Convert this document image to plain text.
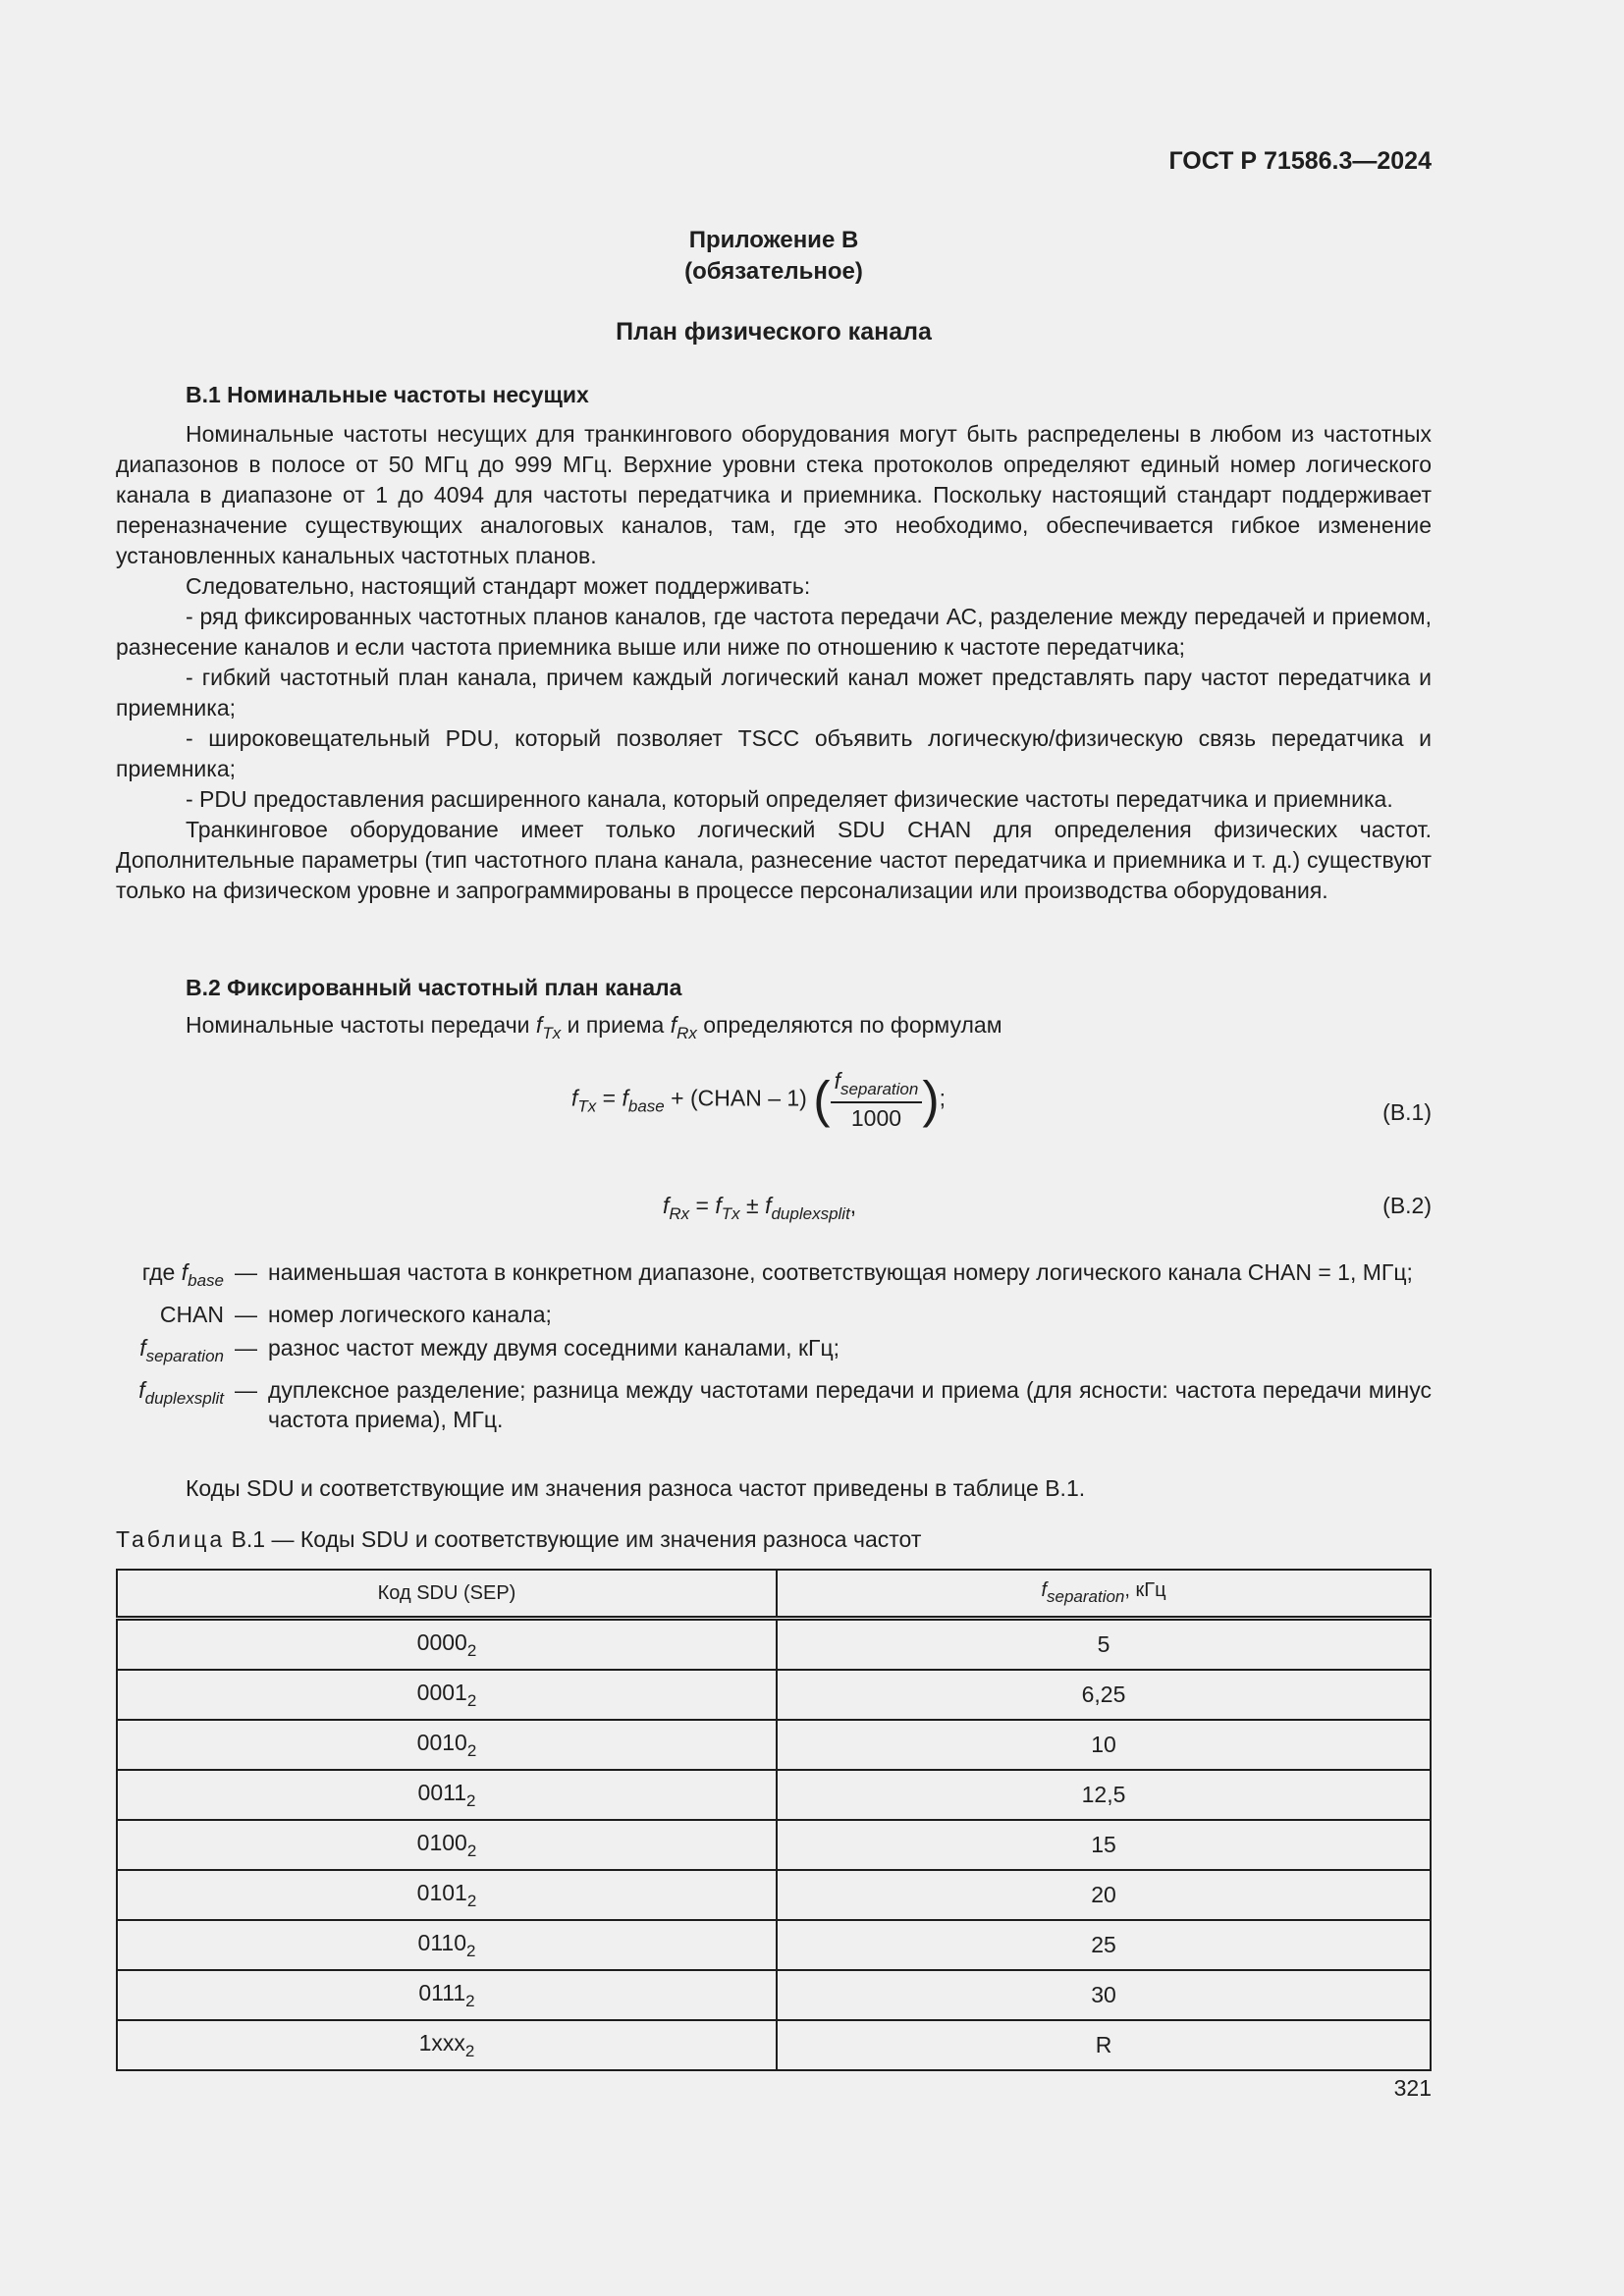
ГОСТ Р 71586.3—2024
Приложение B
(обязательное)
План физического канала
B.1 Номинальные частоты несущих

Номинальные частоты несущих для транкингового оборудования могут быть распределены в любом из частотных диапазонов в полосе от 50 МГц до 999 МГц. Верхние уровни стека протоколов определяют единый номер логического канала в диапазоне от 1 до 4094 для частоты передатчика и приемника. Поскольку настоящий стандарт поддерживает переназначение существующих аналоговых каналов, там, где это необходимо, обеспечивается гибкое изменение установленных канальных частотных планов.

Следовательно, настоящий стандарт может поддерживать:

- ряд фиксированных частотных планов каналов, где частота передачи АС, разделение между передачей и приемом, разнесение каналов и если частота приемника выше или ниже по отношению к частоте передатчика;

- гибкий частотный план канала, причем каждый логический канал может представлять пару частот передатчика и приемника;

- широковещательный PDU, который позволяет TSCC объявить логическую/физическую связь передатчика и приемника;

- PDU предоставления расширенного канала, который определяет физические частоты передатчика и приемника.

Транкинговое оборудование имеет только логический SDU CHAN для определения физических частот. Дополнительные параметры (тип частотного плана канала, разнесение частот передатчика и приемника и т. д.) существуют только на физическом уровне и запрограммированы в процессе персонализации или производства оборудования.

B.2 Фиксированный частотный план канала

Номинальные частоты передачи $f_{Tx}$ и приема $f_{Rx}$ определяются по формулам

$f_{Tx} = f_{base}$ + (CHAN – 1) ( $\frac{f_{separation}}{1000}$ );
(B.1)
$f_{Rx} = f_{Tx} \pm f_{duplexsplit}$,	(B.2)
где $f_{base}$ — наименьшая частота в конкретном диапазоне, соответствующая номеру логического канала CHAN = 1, МГц;
CHAN — номер логического канала;
$f_{separation}$ — разнос частот между двумя соседними каналами, кГц;
$f_{duplexsplit}$ — дуплексное разделение; разница между частотами передачи и приема (для ясности: частота передачи минус частота приема), МГц.

Коды SDU и соответствующие им значения разноса частот приведены в таблице B.1.

Таблица B.1 — Коды SDU и соответствующие им значения разноса частот
Код SDU (SEP)	$f_{separation}$, кГц
$0000_2$	5
$0001_2$	6,25
$0010_2$	10
$0011_2$	12,5
$0100_2$	15
$0101_2$	20
$0110_2$	25
$0111_2$	30
1xxx$_2$	R
321
